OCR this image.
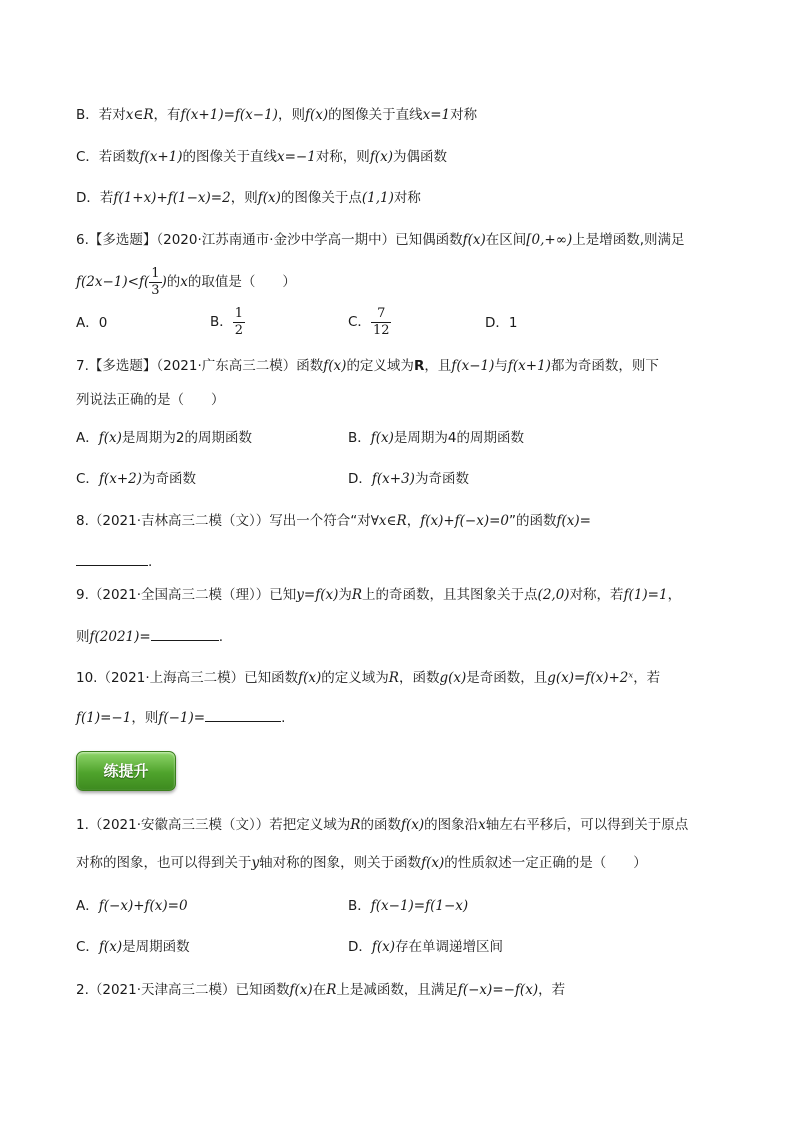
B．若对x∈R，有f(x+1)=f(x−1)，则f(x)的图像关于直线x=1对称
C．若函数f(x+1)的图像关于直线x=−1对称，则f(x)为偶函数
D．若f(1+x)+f(1−x)=2，则f(x)的图像关于点(1,1)对称
6.【多选题】（2020·江苏南通市·金沙中学高一期中）已知偶函数f(x)在区间[0,+∞)上是增函数,则满足
$f(2x-1)<f( \frac{1}{3}$ )的x的取值是（　　）
A．0	B． $\frac{1}{2}$	C． $\frac{7}{12}$	D．1
7.【多选题】（2021·广东高三二模）函数f(x)的定义域为R，且f(x−1)与f(x+1)都为奇函数，则下
列说法正确的是（　　）
A．f(x)是周期为2的周期函数	B．f(x)是周期为4的周期函数
C．f(x+2)为奇函数	D．f(x+3)为奇函数
8.（2021·吉林高三二模（文））写出一个符合“对∀x∈R，f(x)+f(−x)=0”的函数f(x)=
.
9.（2021·全国高三二模（理））已知y=f(x)为R上的奇函数，且其图象关于点(2,0)对称，若f(1)=1，
则f(2021)=	.
10.（2021·上海高三二模）已知函数f(x)的定义域为R，函数g(x)是奇函数，且g(x)=f(x)+2ˣ，若
f(1)=−1，则f(−1)=	.
练提升
1.（2021·安徽高三三模（文））若把定义域为R的函数f(x)的图象沿x轴左右平移后，可以得到关于原点
对称的图象，也可以得到关于y轴对称的图象，则关于函数f(x)的性质叙述一定正确的是（　　）
A．f(−x)+f(x)=0	B．f(x−1)=f(1−x)
C．f(x)是周期函数	D．f(x)存在单调递增区间
2.（2021·天津高三二模）已知函数f(x)在R上是减函数，且满足f(−x)=−f(x)，若
